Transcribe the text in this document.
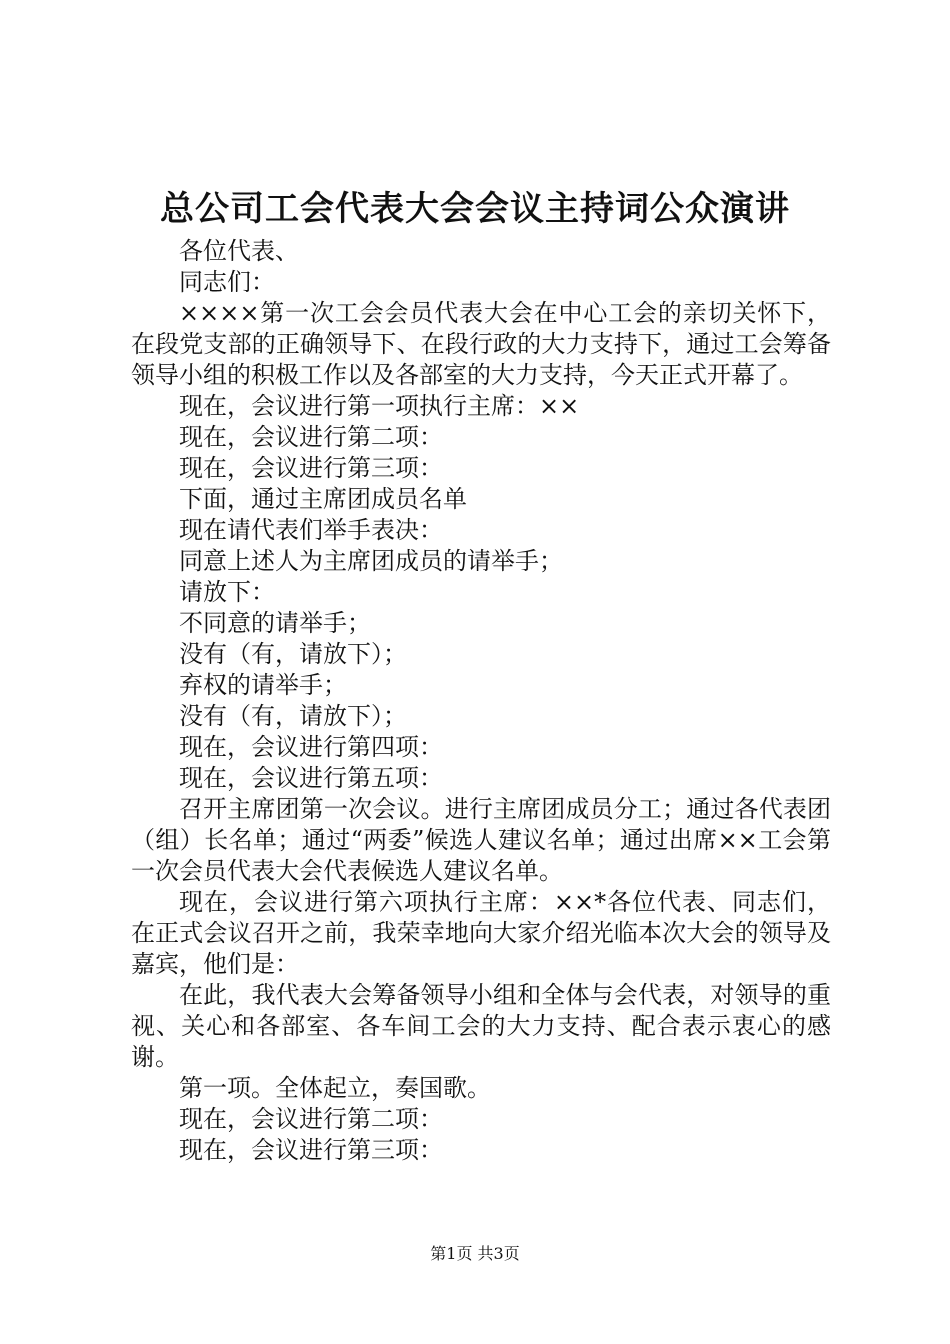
总公司工会代表大会会议主持词公众演讲

各位代表、

同志们：

××××第一次工会会员代表大会在中心工会的亲切关怀下，在段党支部的正确领导下、在段行政的大力支持下，通过工会筹备领导小组的积极工作以及各部室的大力支持，今天正式开幕了。

现在，会议进行第一项执行主席：××

现在，会议进行第二项：

现在，会议进行第三项：

下面，通过主席团成员名单

现在请代表们举手表决：

同意上述人为主席团成员的请举手；

请放下：

不同意的请举手；

没有（有，请放下）；

弃权的请举手；

没有（有，请放下）；

现在，会议进行第四项：

现在，会议进行第五项：

召开主席团第一次会议。进行主席团成员分工；通过各代表团（组）长名单；通过“两委”候选人建议名单；通过出席××工会第一次会员代表大会代表候选人建议名单。

现在，会议进行第六项执行主席：××*各位代表、同志们，在正式会议召开之前，我荣幸地向大家介绍光临本次大会的领导及嘉宾，他们是：

在此，我代表大会筹备领导小组和全体与会代表，对领导的重视、关心和各部室、各车间工会的大力支持、配合表示衷心的感谢。

第一项。全体起立，奏国歌。

现在，会议进行第二项：

现在，会议进行第三项：

第1页 共3页
